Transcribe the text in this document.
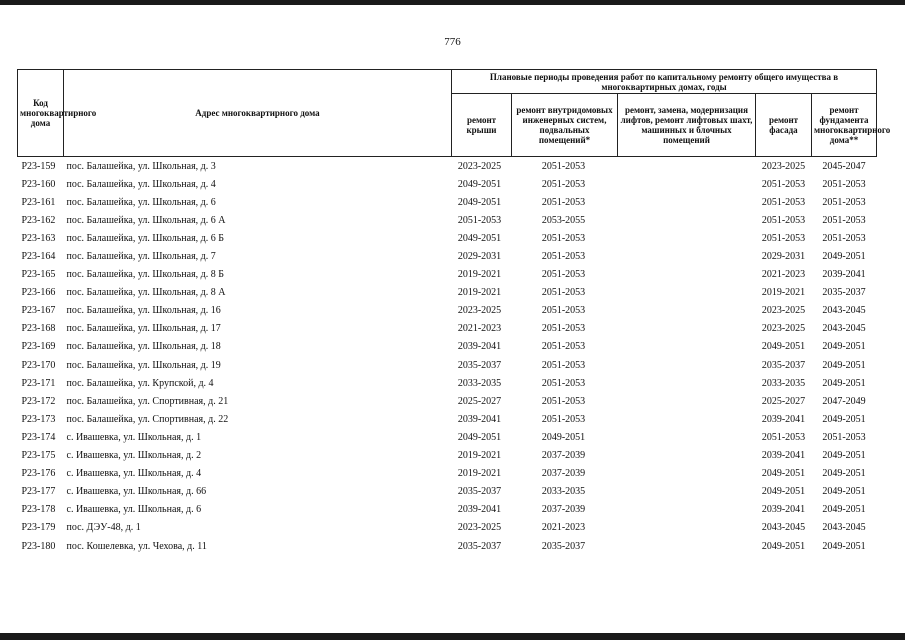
776
Код многоквартирного дома	Адрес многоквартирного дома	Плановые периоды проведения работ по капитальному ремонту общего имущества в многоквартирных домах, годы				
		ремонт крыши	ремонт внутридомовых инженерных систем, подвальных помещений*	ремонт, замена, модернизация лифтов, ремонт лифтовых шахт, машинных и блочных помещений	ремонт фасада	ремонт фундамента многоквартирного дома**
Р23-159	пос. Балашейка, ул. Школьная, д. 3	2023-2025	2051-2053		2023-2025	2045-2047
Р23-160	пос. Балашейка, ул. Школьная, д. 4	2049-2051	2051-2053		2051-2053	2051-2053
Р23-161	пос. Балашейка, ул. Школьная, д. 6	2049-2051	2051-2053		2051-2053	2051-2053
Р23-162	пос. Балашейка, ул. Школьная, д. 6 А	2051-2053	2053-2055		2051-2053	2051-2053
Р23-163	пос. Балашейка, ул. Школьная, д. 6 Б	2049-2051	2051-2053		2051-2053	2051-2053
Р23-164	пос. Балашейка, ул. Школьная, д. 7	2029-2031	2051-2053		2029-2031	2049-2051
Р23-165	пос. Балашейка, ул. Школьная, д. 8 Б	2019-2021	2051-2053		2021-2023	2039-2041
Р23-166	пос. Балашейка, ул. Школьная, д. 8 А	2019-2021	2051-2053		2019-2021	2035-2037
Р23-167	пос. Балашейка, ул. Школьная, д. 16	2023-2025	2051-2053		2023-2025	2043-2045
Р23-168	пос. Балашейка, ул. Школьная, д. 17	2021-2023	2051-2053		2023-2025	2043-2045
Р23-169	пос. Балашейка, ул. Школьная, д. 18	2039-2041	2051-2053		2049-2051	2049-2051
Р23-170	пос. Балашейка, ул. Школьная, д. 19	2035-2037	2051-2053		2035-2037	2049-2051
Р23-171	пос. Балашейка, ул. Крупской, д. 4	2033-2035	2051-2053		2033-2035	2049-2051
Р23-172	пос. Балашейка, ул. Спортивная, д. 21	2025-2027	2051-2053		2025-2027	2047-2049
Р23-173	пос. Балашейка, ул. Спортивная, д. 22	2039-2041	2051-2053		2039-2041	2049-2051
Р23-174	с. Ивашевка, ул. Школьная, д. 1	2049-2051	2049-2051		2051-2053	2051-2053
Р23-175	с. Ивашевка, ул. Школьная, д. 2	2019-2021	2037-2039		2039-2041	2049-2051
Р23-176	с. Ивашевка, ул. Школьная, д. 4	2019-2021	2037-2039		2049-2051	2049-2051
Р23-177	с. Ивашевка, ул. Школьная, д. 66	2035-2037	2033-2035		2049-2051	2049-2051
Р23-178	с. Ивашевка, ул. Школьная, д. 6	2039-2041	2037-2039		2039-2041	2049-2051
Р23-179	пос. ДЭУ-48, д. 1	2023-2025	2021-2023		2043-2045	2043-2045
Р23-180	пос. Кошелевка, ул. Чехова, д. 11	2035-2037	2035-2037		2049-2051	2049-2051
